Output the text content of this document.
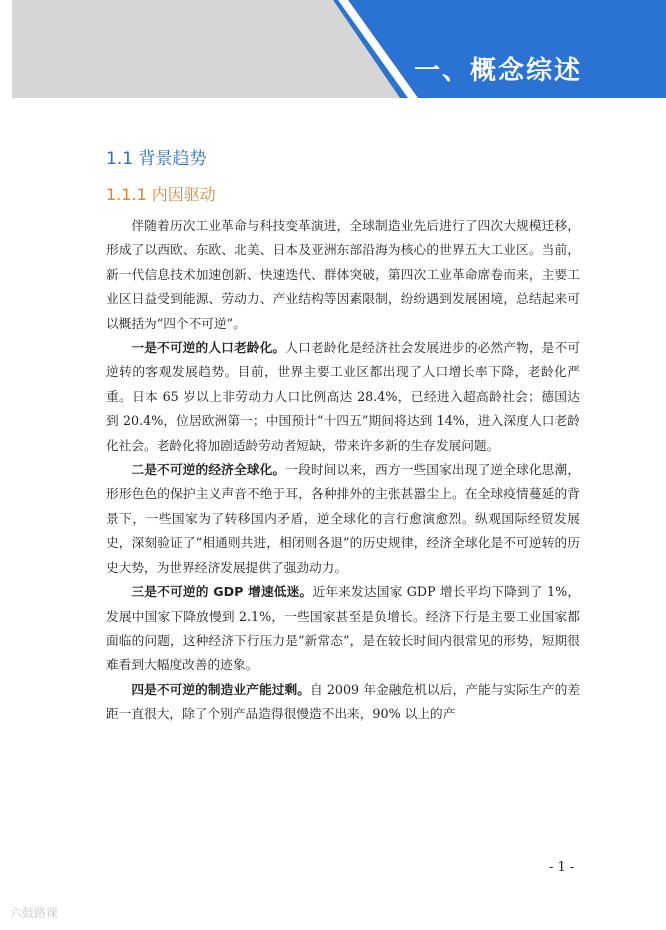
一、概念综述
1.1 背景趋势
1.1.1 内因驱动

伴随着历次工业革命与科技变革演进，全球制造业先后进行了四次大规模迁移，形成了以西欧、东欧、北美、日本及亚洲东部沿海为核心的世界五大工业区。当前，新一代信息技术加速创新、快速迭代、群体突破，第四次工业革命席卷而来，主要工业区日益受到能源、劳动力、产业结构等因素限制，纷纷遇到发展困境，总结起来可以概括为“四个不可逆”。

一是不可逆的人口老龄化。人口老龄化是经济社会发展进步的必然产物，是不可逆转的客观发展趋势。目前，世界主要工业区都出现了人口增长率下降，老龄化严重。日本 65 岁以上非劳动力人口比例高达 28.4%，已经进入超高龄社会；德国达到 20.4%，位居欧洲第一；中国预计“十四五”期间将达到 14%，进入深度人口老龄化社会。老龄化将加剧适龄劳动者短缺，带来许多新的生存发展问题。

二是不可逆的经济全球化。一段时间以来，西方一些国家出现了逆全球化思潮，形形色色的保护主义声音不绝于耳，各种排外的主张甚嚣尘上。在全球疫情蔓延的背景下，一些国家为了转移国内矛盾，逆全球化的言行愈演愈烈。纵观国际经贸发展史，深刻验证了“相通则共进，相闭则各退”的历史规律，经济全球化是不可逆转的历史大势，为世界经济发展提供了强劲动力。

三是不可逆的 GDP 增速低迷。近年来发达国家 GDP 增长平均下降到了 1%，发展中国家下降放慢到 2.1%，一些国家甚至是负增长。经济下行是主要工业国家都面临的问题，这种经济下行压力是“新常态”，是在较长时间内很常见的形势，短期很难看到大幅度改善的迹象。

四是不可逆的制造业产能过剩。自 2009 年金融危机以后，产能与实际生产的差距一直很大，除了个别产品造得很慢造不出来，90% 以上的产

- 1 -
六鼓路课
